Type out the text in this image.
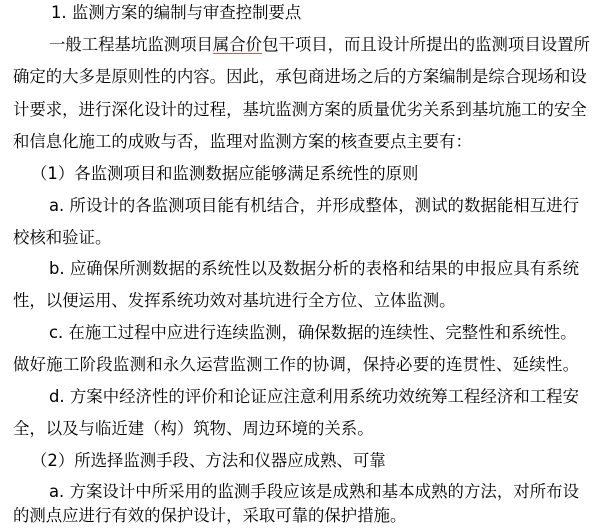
1. 监测方案的编制与审查控制要点

一般工程基坑监测项目属合价包干项目，而且设计所提出的监测项目设置所

确定的大多是原则性的内容。因此，承包商进场之后的方案编制是综合现场和设

计要求，进行深化设计的过程，基坑监测方案的质量优劣关系到基坑施工的安全

和信息化施工的成败与否，监理对监测方案的核查要点主要有：

（1）各监测项目和监测数据应能够满足系统性的原则

a. 所设计的各监测项目能有机结合，并形成整体，测试的数据能相互进行

校核和验证。

b. 应确保所测数据的系统性以及数据分析的表格和结果的申报应具有系统

性，以便运用、发挥系统功效对基坑进行全方位、立体监测。

c. 在施工过程中应进行连续监测，确保数据的连续性、完整性和系统性。

做好施工阶段监测和永久运营监测工作的协调，保持必要的连贯性、延续性。

d. 方案中经济性的评价和论证应注意利用系统功效统筹工程经济和工程安

全，以及与临近建（构）筑物、周边环境的关系。

（2）所选择监测手段、方法和仪器应成熟、可靠

a. 方案设计中所采用的监测手段应该是成熟和基本成熟的方法，对所布设

的测点应进行有效的保护设计，采取可靠的保护措施。
